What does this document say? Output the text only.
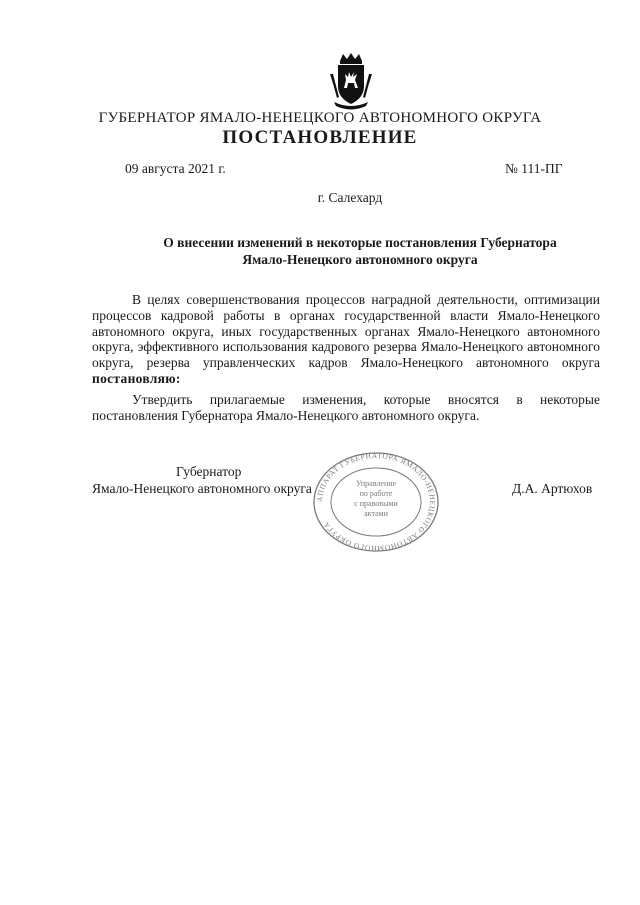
ГУБЕРНАТОР ЯМАЛО-НЕНЕЦКОГО АВТОНОМНОГО ОКРУГА
ПОСТАНОВЛЕНИЕ
09 августа 2021 г.	№ 111-ПГ
г. Салехард
О внесении изменений в некоторые постановления Губернатора
Ямало-Ненецкого автономного округа
В целях совершенствования процессов наградной деятельности, оптимизации процессов кадровой работы в органах государственной власти Ямало-Ненецкого автономного округа, иных государственных органах Ямало-Ненецкого автономного округа, эффективного использования кадрового резерва Ямало-Ненецкого автономного округа, резерва управленческих кадров Ямало-Ненецкого автономного округа постановляю:
Утвердить прилагаемые изменения, которые вносятся в некоторые постановления Губернатора Ямало-Ненецкого автономного округа.
Губернатор
Ямало-Ненецкого автономного округа	Д.А. Артюхов
АППАРАТ ГУБЕРНАТОРА ЯМАЛО-НЕНЕЦКОГО АВТОНОМНОГО ОКРУГА
Управление
по работе
с правовыми
актами
